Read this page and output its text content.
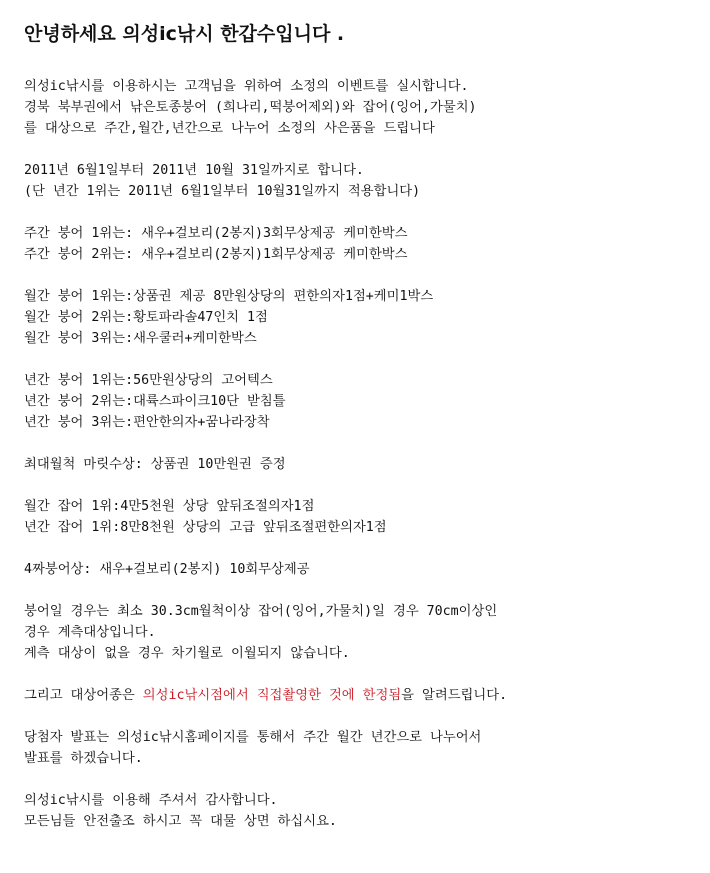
안녕하세요 의성ic낚시 한갑수입니다 .
의성ic낚시를 이용하시는 고객님을 위하여 소정의 이벤트를 실시합니다.
경북 북부권에서 낚은토종붕어 (희나리,떡붕어제외)와 잡어(잉어,가물치)
를 대상으로 주간,월간,년간으로 나누어 소정의 사은품을 드립니다
2011년 6월1일부터 2011년 10월 31일까지로 합니다.
(단 년간 1위는 2011년 6월1일부터 10월31일까지 적용합니다)
주간 붕어 1위는: 새우+걸보리(2봉지)3회무상제공 케미한박스
주간 붕어 2위는: 새우+걸보리(2봉지)1회무상제공 케미한박스
월간 붕어 1위는:상품권 제공 8만원상당의 편한의자1점+케미1박스
월간 붕어 2위는:황토파라솔47인치 1점
월간 붕어 3위는:새우쿨러+케미한박스
년간 붕어 1위는:56만원상당의 고어텍스
년간 붕어 2위는:대륙스파이크10단 받침틀
년간 붕어 3위는:편안한의자+꿈나라장착
최대월척 마릿수상: 상품권 10만원권 증정
월간 잡어 1위:4만5천원 상당 앞뒤조절의자1점
년간 잡어 1위:8만8천원 상당의 고급 앞뒤조절편한의자1점
4짜붕어상: 새우+걸보리(2봉지) 10회무상제공
붕어일 경우는 최소 30.3cm월척이상 잡어(잉어,가물치)일 경우 70cm이상인
경우 계측대상입니다.
계측 대상이 없을 경우 차기월로 이월되지 않습니다.
그리고 대상어종은 의성ic낚시점에서 직접촬영한 것에 한정됨을 알려드립니다.
당첨자 발표는 의성ic낚시홈페이지를 통해서 주간 월간 년간으로 나누어서
발표를 하겠습니다.
의성ic낚시를 이용해 주셔서 감사합니다.
모든님들 안전출조 하시고 꼭 대물 상면 하십시요.
